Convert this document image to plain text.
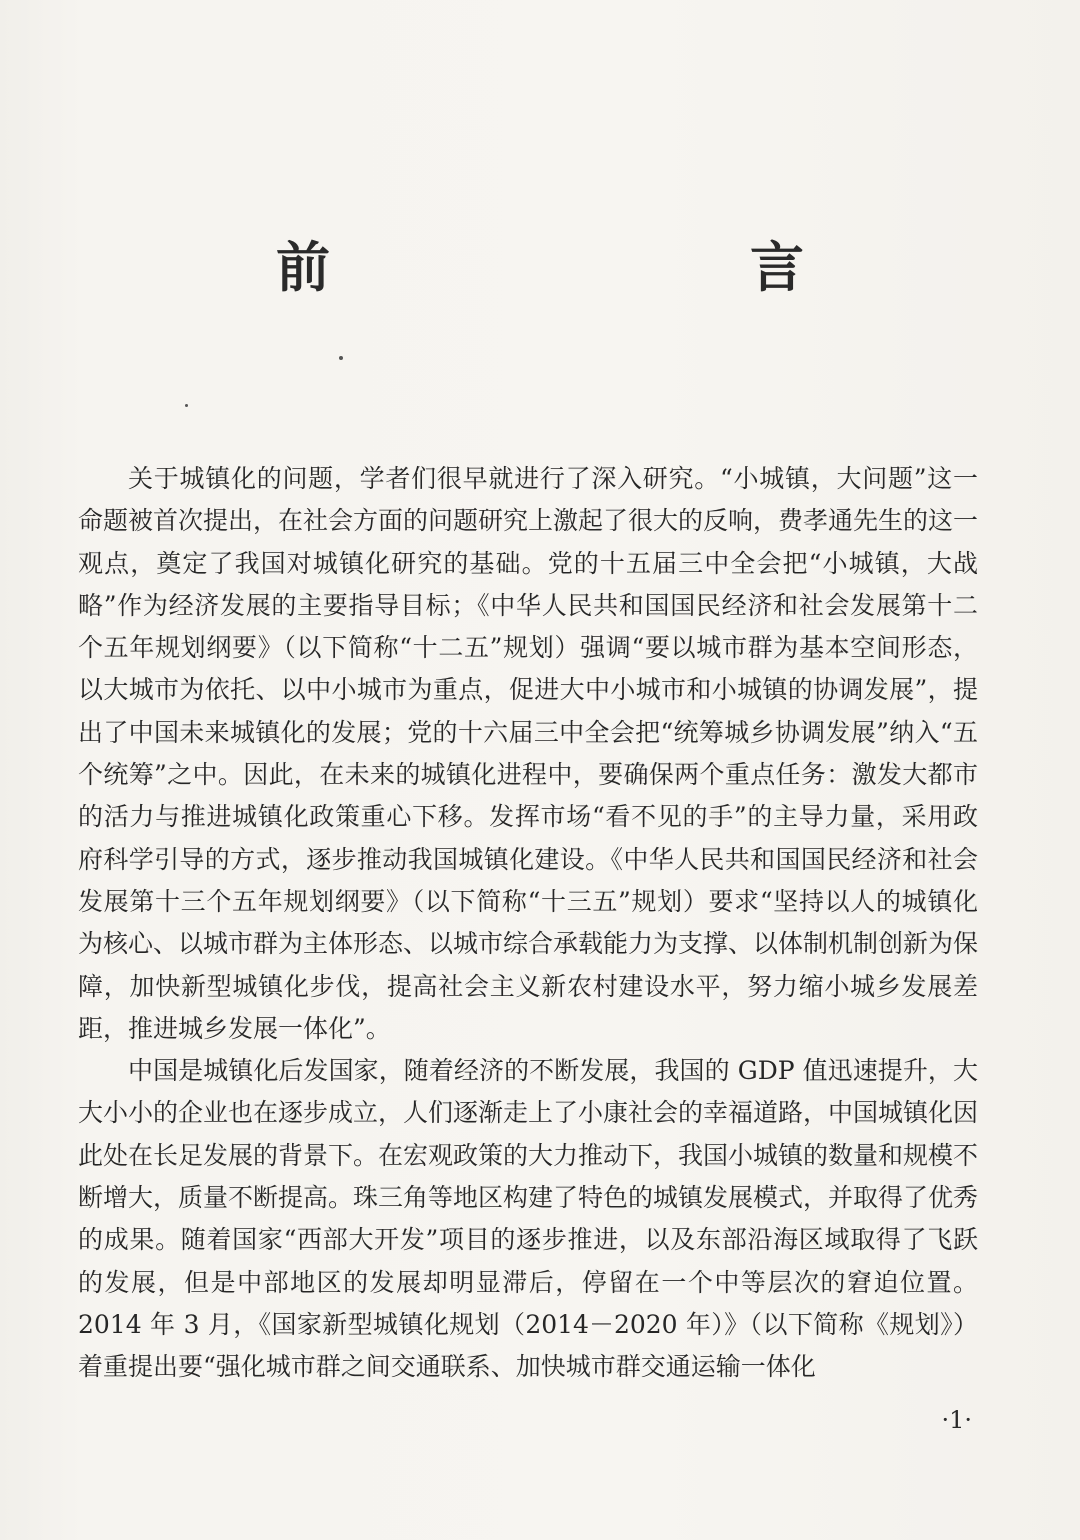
前　　言

关于城镇化的问题，学者们很早就进行了深入研究。“小城镇，大问题”这一命题被首次提出，在社会方面的问题研究上激起了很大的反响，费孝通先生的这一观点，奠定了我国对城镇化研究的基础。党的十五届三中全会把“小城镇，大战略”作为经济发展的主要指导目标；《中华人民共和国国民经济和社会发展第十二个五年规划纲要》（以下简称“十二五”规划）强调“要以城市群为基本空间形态，以大城市为依托、以中小城市为重点，促进大中小城市和小城镇的协调发展”，提出了中国未来城镇化的发展；党的十六届三中全会把“统筹城乡协调发展”纳入“五个统筹”之中。因此，在未来的城镇化进程中，要确保两个重点任务：激发大都市的活力与推进城镇化政策重心下移。发挥市场“看不见的手”的主导力量，采用政府科学引导的方式，逐步推动我国城镇化建设。《中华人民共和国国民经济和社会发展第十三个五年规划纲要》（以下简称“十三五”规划）要求“坚持以人的城镇化为核心、以城市群为主体形态、以城市综合承载能力为支撑、以体制机制创新为保障，加快新型城镇化步伐，提高社会主义新农村建设水平，努力缩小城乡发展差距，推进城乡发展一体化”。

中国是城镇化后发国家，随着经济的不断发展，我国的 GDP 值迅速提升，大大小小的企业也在逐步成立，人们逐渐走上了小康社会的幸福道路，中国城镇化因此处在长足发展的背景下。在宏观政策的大力推动下，我国小城镇的数量和规模不断增大，质量不断提高。珠三角等地区构建了特色的城镇发展模式，并取得了优秀的成果。随着国家“西部大开发”项目的逐步推进，以及东部沿海区域取得了飞跃的发展，但是中部地区的发展却明显滞后，停留在一个中等层次的窘迫位置。2014 年 3 月，《国家新型城镇化规划（2014－2020 年）》（以下简称《规划》）着重提出要“强化城市群之间交通联系、加快城市群交通运输一体化

·1·
